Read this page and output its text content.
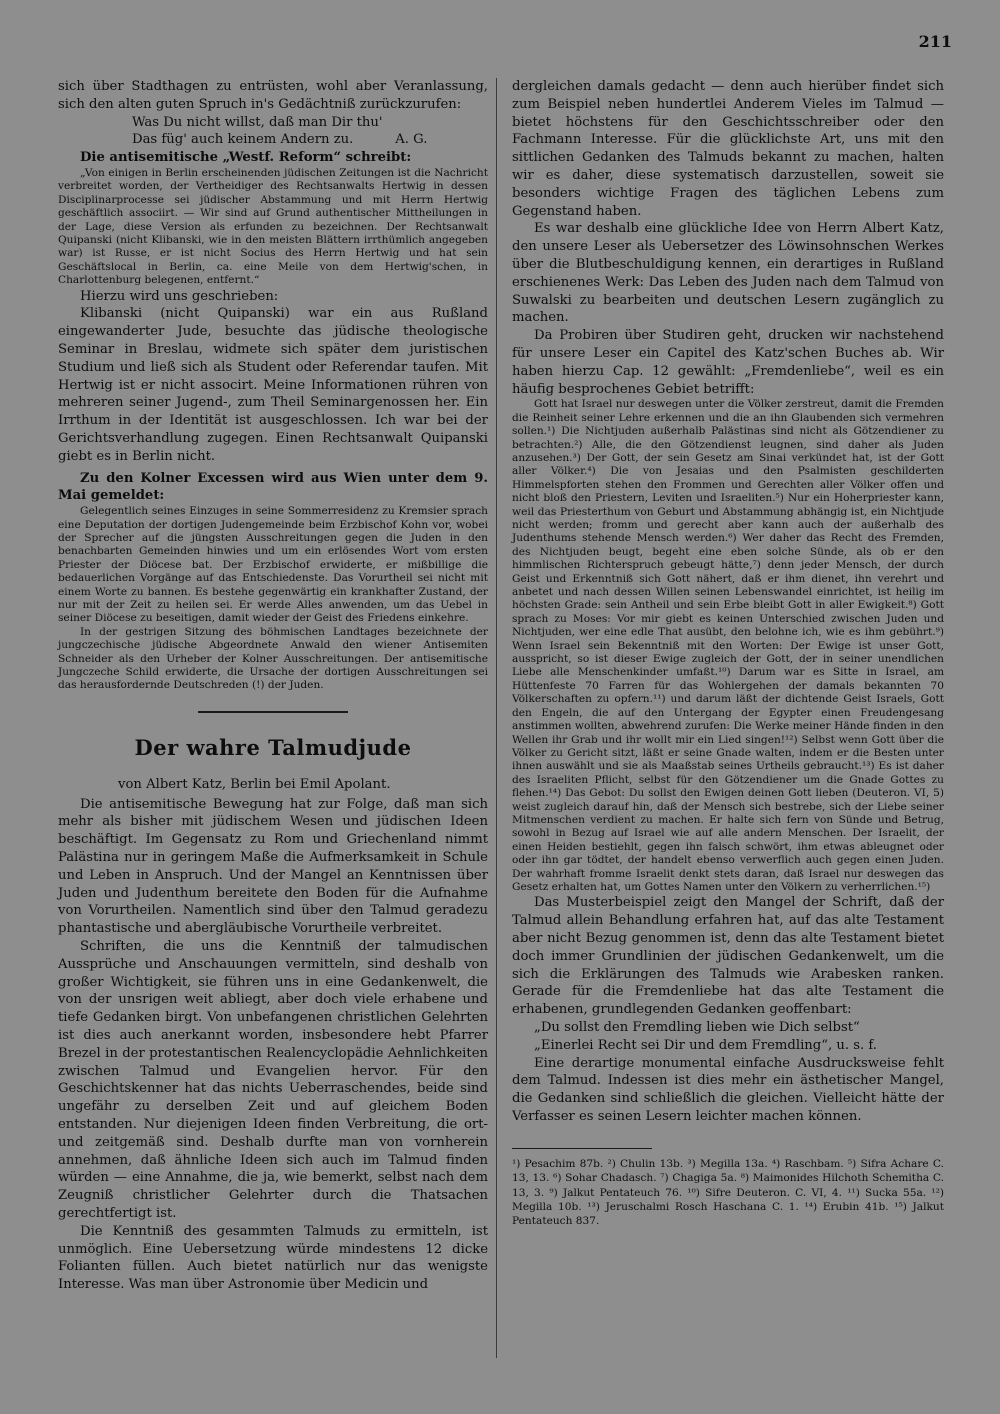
211

sich über Stadthagen zu entrüsten, wohl aber Veranlassung, sich den alten guten Spruch in's Gedächtniß zurückzurufen:

Was Du nicht willst, daß man Dir thu'
Das füg' auch keinem Andern zu.          A. G.

Die antisemitische „Westf. Reform“ schreibt:

„Von einigen in Berlin erscheinenden jüdischen Zeitungen ist die Nachricht verbreitet worden, der Vertheidiger des Rechtsanwalts Hertwig in dessen Disciplinarprocesse sei jüdischer Abstammung und mit Herrn Hertwig geschäftlich associirt. — Wir sind auf Grund authentischer Mittheilungen in der Lage, diese Version als erfunden zu bezeichnen. Der Rechtsanwalt Quipanski (nicht Klibanski, wie in den meisten Blättern irrthümlich angegeben war) ist Russe, er ist nicht Socius des Herrn Hertwig und hat sein Geschäftslocal in Berlin, ca. eine Meile von dem Hertwig'schen, in Charlottenburg belegenen, entfernt.“

Hierzu wird uns geschrieben:

Klibanski (nicht Quipanski) war ein aus Rußland eingewanderter Jude, besuchte das jüdische theologische Seminar in Breslau, widmete sich später dem juristischen Studium und ließ sich als Student oder Referendar taufen. Mit Hertwig ist er nicht associrt. Meine Informationen rühren von mehreren seiner Jugend-, zum Theil Seminargenossen her. Ein Irrthum in der Identität ist ausgeschlossen. Ich war bei der Gerichtsverhandlung zugegen. Einen Rechtsanwalt Quipanski giebt es in Berlin nicht.

Zu den Kolner Excessen wird aus Wien unter dem 9. Mai gemeldet:

Gelegentlich seines Einzuges in seine Sommerresidenz zu Kremsier sprach eine Deputation der dortigen Judengemeinde beim Erzbischof Kohn vor, wobei der Sprecher auf die jüngsten Ausschreitungen gegen die Juden in den benachbarten Gemeinden hinwies und um ein erlösendes Wort vom ersten Priester der Diöcese bat. Der Erzbischof erwiderte, er mißbillige die bedauerlichen Vorgänge auf das Entschiedenste. Das Vorurtheil sei nicht mit einem Worte zu bannen. Es bestehe gegenwärtig ein krankhafter Zustand, der nur mit der Zeit zu heilen sei. Er werde Alles anwenden, um das Uebel in seiner Diöcese zu beseitigen, damit wieder der Geist des Friedens einkehre.

In der gestrigen Sitzung des böhmischen Landtages bezeichnete der jungczechische jüdische Abgeordnete Anwald den wiener Antisemiten Schneider als den Urheber der Kolner Ausschreitungen. Der antisemitische Jungczeche Schild erwiderte, die Ursache der dortigen Ausschreitungen sei das herausfordernde Deutschreden (!) der Juden.

Der wahre Talmudjude
von Albert Katz, Berlin bei Emil Apolant.

Die antisemitische Bewegung hat zur Folge, daß man sich mehr als bisher mit jüdischem Wesen und jüdischen Ideen beschäftigt. Im Gegensatz zu Rom und Griechenland nimmt Palästina nur in geringem Maße die Aufmerksamkeit in Schule und Leben in Anspruch. Und der Mangel an Kenntnissen über Juden und Judenthum bereitete den Boden für die Aufnahme von Vorurtheilen. Namentlich sind über den Talmud geradezu phantastische und abergläubische Vorurtheile verbreitet.

Schriften, die uns die Kenntniß der talmudischen Aussprüche und Anschauungen vermitteln, sind deshalb von großer Wichtigkeit, sie führen uns in eine Gedankenwelt, die von der unsrigen weit abliegt, aber doch viele erhabene und tiefe Gedanken birgt. Von unbefangenen christlichen Gelehrten ist dies auch anerkannt worden, insbesondere hebt Pfarrer Brezel in der protestantischen Realencyclopädie Aehnlichkeiten zwischen Talmud und Evangelien hervor. Für den Geschichtskenner hat das nichts Ueberraschendes, beide sind ungefähr zu derselben Zeit und auf gleichem Boden entstanden. Nur diejenigen Ideen finden Verbreitung, die ort- und zeitgemäß sind. Deshalb durfte man von vornherein annehmen, daß ähnliche Ideen sich auch im Talmud finden würden — eine Annahme, die ja, wie bemerkt, selbst nach dem Zeugniß christlicher Gelehrter durch die Thatsachen gerechtfertigt ist.

Die Kenntniß des gesammten Talmuds zu ermitteln, ist unmöglich. Eine Uebersetzung würde mindestens 12 dicke Folianten füllen. Auch bietet natürlich nur das wenigste Interesse. Was man über Astronomie über Medicin und

dergleichen damals gedacht — denn auch hierüber findet sich zum Beispiel neben hundertlei Anderem Vieles im Talmud — bietet höchstens für den Geschichtsschreiber oder den Fachmann Interesse. Für die glücklichste Art, uns mit den sittlichen Gedanken des Talmuds bekannt zu machen, halten wir es daher, diese systematisch darzustellen, soweit sie besonders wichtige Fragen des täglichen Lebens zum Gegenstand haben.

Es war deshalb eine glückliche Idee von Herrn Albert Katz, den unsere Leser als Uebersetzer des Löwinsohnschen Werkes über die Blutbeschuldigung kennen, ein derartiges in Rußland erschienenes Werk: Das Leben des Juden nach dem Talmud von Suwalski zu bearbeiten und deutschen Lesern zugänglich zu machen.

Da Probiren über Studiren geht, drucken wir nachstehend für unsere Leser ein Capitel des Katz'schen Buches ab. Wir haben hierzu Cap. 12 gewählt: „Fremdenliebe“, weil es ein häufig besprochenes Gebiet betrifft:

Gott hat Israel nur deswegen unter die Völker zerstreut, damit die Fremden die Reinheit seiner Lehre erkennen und die an ihn Glaubenden sich vermehren sollen.¹) Die Nichtjuden außerhalb Palästinas sind nicht als Götzendiener zu betrachten.²) Alle, die den Götzendienst leugnen, sind daher als Juden anzusehen.³) Der Gott, der sein Gesetz am Sinai verkündet hat, ist der Gott aller Völker.⁴) Die von Jesaias und den Psalmisten geschilderten Himmelspforten stehen den Frommen und Gerechten aller Völker offen und nicht bloß den Priestern, Leviten und Israeliten.⁵) Nur ein Hoherpriester kann, weil das Priesterthum von Geburt und Abstammung abhängig ist, ein Nichtjude nicht werden; fromm und gerecht aber kann auch der außerhalb des Judenthums stehende Mensch werden.⁶) Wer daher das Recht des Fremden, des Nichtjuden beugt, begeht eine eben solche Sünde, als ob er den himmlischen Richterspruch gebeugt hätte,⁷) denn jeder Mensch, der durch Geist und Erkenntniß sich Gott nähert, daß er ihm dienet, ihn verehrt und anbetet und nach dessen Willen seinen Lebenswandel einrichtet, ist heilig im höchsten Grade: sein Antheil und sein Erbe bleibt Gott in aller Ewigkeit.⁸) Gott sprach zu Moses: Vor mir giebt es keinen Unterschied zwischen Juden und Nichtjuden, wer eine edle That ausübt, den belohne ich, wie es ihm gebührt.⁹) Wenn Israel sein Bekenntniß mit den Worten: Der Ewige ist unser Gott, ausspricht, so ist dieser Ewige zugleich der Gott, der in seiner unendlichen Liebe alle Menschenkinder umfaßt.¹⁰) Darum war es Sitte in Israel, am Hüttenfeste 70 Farren für das Wohlergehen der damals bekannten 70 Völkerschaften zu opfern.¹¹) und darum läßt der dichtende Geist Israels, Gott den Engeln, die auf den Untergang der Egypter einen Freudengesang anstimmen wollten, abwehrend zurufen: Die Werke meiner Hände finden in den Wellen ihr Grab und ihr wollt mir ein Lied singen!¹²) Selbst wenn Gott über die Völker zu Gericht sitzt, läßt er seine Gnade walten, indem er die Besten unter ihnen auswählt und sie als Maaßstab seines Urtheils gebraucht.¹³) Es ist daher des Israeliten Pflicht, selbst für den Götzendiener um die Gnade Gottes zu flehen.¹⁴) Das Gebot: Du sollst den Ewigen deinen Gott lieben (Deuteron. VI, 5) weist zugleich darauf hin, daß der Mensch sich bestrebe, sich der Liebe seiner Mitmenschen verdient zu machen. Er halte sich fern von Sünde und Betrug, sowohl in Bezug auf Israel wie auf alle andern Menschen. Der Israelit, der einen Heiden bestiehlt, gegen ihn falsch schwört, ihm etwas ableugnet oder oder ihn gar tödtet, der handelt ebenso verwerflich auch gegen einen Juden. Der wahrhaft fromme Israelit denkt stets daran, daß Israel nur deswegen das Gesetz erhalten hat, um Gottes Namen unter den Völkern zu verherrlichen.¹⁵)

Das Musterbeispiel zeigt den Mangel der Schrift, daß der Talmud allein Behandlung erfahren hat, auf das alte Testament aber nicht Bezug genommen ist, denn das alte Testament bietet doch immer Grundlinien der jüdischen Gedankenwelt, um die sich die Erklärungen des Talmuds wie Arabesken ranken. Gerade für die Fremdenliebe hat das alte Testament die erhabenen, grundlegenden Gedanken geoffenbart:

„Du sollst den Fremdling lieben wie Dich selbst“

„Einerlei Recht sei Dir und dem Fremdling“, u. s. f.

Eine derartige monumental einfache Ausdrucksweise fehlt dem Talmud. Indessen ist dies mehr ein ästhetischer Mangel, die Gedanken sind schließlich die gleichen. Vielleicht hätte der Verfasser es seinen Lesern leichter machen können.

¹) Pesachim 87b. ²) Chulin 13b. ³) Megilla 13a. ⁴) Raschbam. ⁵) Sifra Achare C. 13, 13. ⁶) Sohar Chadasch. ⁷) Chagiga 5a. ⁸) Maimonides Hilchoth Schemitha C. 13, 3. ⁹) Jalkut Pentateuch 76. ¹⁰) Sifre Deuteron. C. VI, 4. ¹¹) Sucka 55a. ¹²) Megilla 10b. ¹³) Jeruschalmi Rosch Haschana C. 1. ¹⁴) Erubin 41b. ¹⁵) Jalkut Pentateuch 837.
